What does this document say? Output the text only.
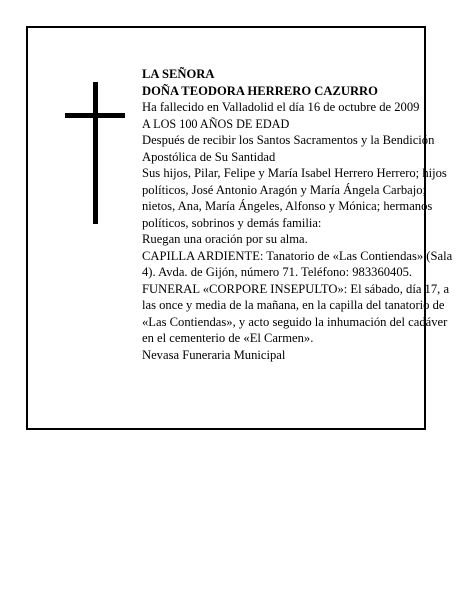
LA SEÑORA

DOÑA TEODORA HERRERO CAZURRO

Ha fallecido en Valladolid el día 16 de octubre de 2009

A LOS 100 AÑOS DE EDAD

Después de recibir los Santos Sacramentos y la Bendición Apostólica de Su Santidad

Sus hijos, Pilar, Felipe y María Isabel Herrero Herrero; hijos políticos, José Antonio Aragón y María Ángela Carbajo; nietos, Ana, María Ángeles, Alfonso y Mónica; hermanos políticos, sobrinos y demás familia:

Ruegan una oración por su alma.

CAPILLA ARDIENTE: Tanatorio de «Las Contiendas» (Sala 4). Avda. de Gijón, número 71. Teléfono: 983360405.

FUNERAL «CORPORE INSEPULTO»: El sábado, día 17, a las once y media de la mañana, en la capilla del tanatorio de «Las Contiendas», y acto seguido la inhumación del cadáver en el cementerio de «El Carmen».

Nevasa Funeraria Municipal
